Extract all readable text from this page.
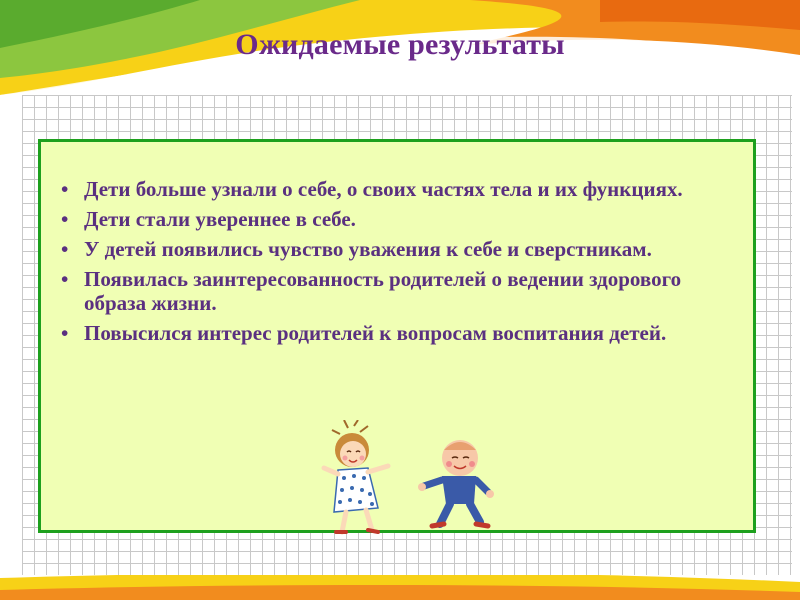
Ожидаемые результаты
• Дети больше узнали о себе, о своих частях тела и их функциях.
• Дети стали увереннее в себе.
• У детей появились чувство уважения к себе и сверстникам.
• Появилась заинтересованность родителей о ведении здорового образа жизни.
• Повысился интерес родителей к вопросам воспитания детей.
